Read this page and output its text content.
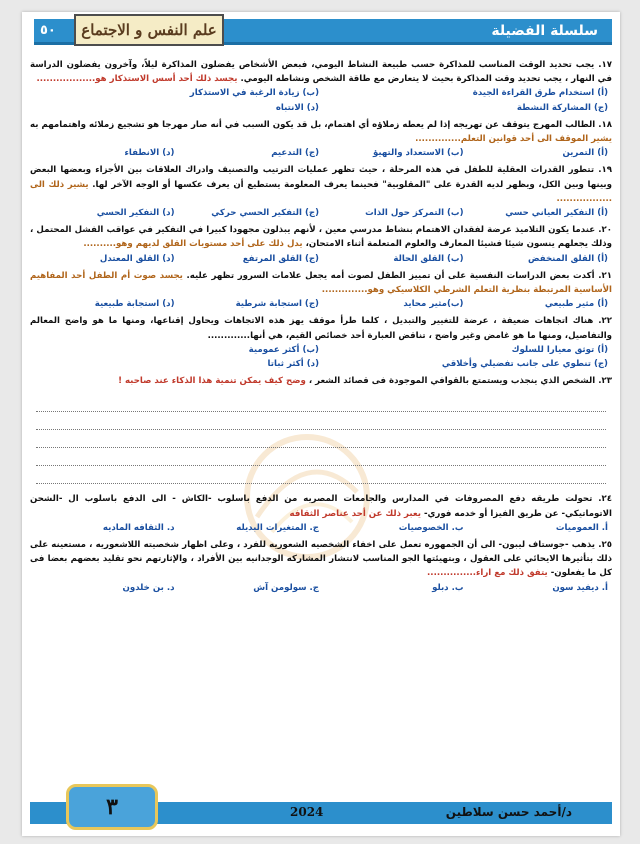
سلسلة الفضيلة
٥٠	علم النفس و الاجتماع

١٧. يجب تحديد الوقت المناسب للمذاكرة حسب طبيعة النشاط اليومي، فبعض الأشخاص يفضلون المذاكرة ليلاً، وآخرون يفضلون الدراسة في النهار ، يجب تحديد وقت المذاكرة بحيث لا يتعارض مع طاقة الشخص ونشاطه اليومي. يجسد ذلك أحد أسس الاستذكار هو..................

(أ) استخدام طرق القراءة الجيدة
(ب) زيادة الرغبة في الاستذكار
(ج) المشاركة النشطة
(د) الانتباه

١٨. الطالب المهرج يتوقف عن تهريجه إذا لم يعطه زملاؤه أي اهتمام، بل قد يكون السبب في أنه صار مهرجا هو تشجيع زملائه واهتمامهم به يشير الموقف الى أحد قوانين التعلم..............

(أ) التمرين
(ب) الاستعداد والتهيؤ
(ج) التدعيم
(د) الانطفاء

١٩. تتطور القدرات العقلية للطفل في هذه المرحلة ، حيث تظهر عمليات الترتيب والتصنيف وادراك العلاقات بين الأجزاء وبعضها البعض وبينها وبين الكل، ويظهر لديه القدرة على "المقلوبية" فحينما يعرف المعلومة يستطيع أن يعرف عكسها أو الوجه الآخر لها. يشير ذلك الى .................

(أ) التفكير العياني حسي
(ب) التمركز حول الذات
(ج) التفكير الحسي حركي
(د) التفكير الحسي

٢٠. عندما يكون التلاميذ عرضة لفقدان الاهتمام بنشاط مدرسي معين ، لأنهم يبذلون مجهودا كبيرا في التفكير في عواقب الفشل المحتمل ، وذلك يجعلهم ينسون شيئا فشيئا المعارف والعلوم المتعلمة أثناء الامتحان، يدل ذلك على أحد مستويات القلق لديهم وهو..........

(أ) القلق المنخفض
(ب) القلق الحالة
(ج) القلق المرتفع
(د) القلق المعتدل

٢١. أكدت بعض الدراسات النفسية على أن تمييز الطفل لصوت أمه يجعل علامات السرور تظهر عليه. يجسد صوت أم الطفل أحد المفاهيم الأساسية المرتبطة بنظرية التعلم الشرطي الكلاسيكي وهو..............

(أ) مثير طبيعي
(ب)مثير محايد
(ج) استجابة شرطية
(د) استجابة طبيعية

٢٢. هناك اتجاهات ضعيفة ، عرضة للتغيير والتبديل ، كلما طرأ موقف يهز هذه الاتجاهات ويحاول إقناعها، ومنها ما هو واضح المعالم والتفاصيل، ومنها ما هو غامض وغير واضح ، تناقض العبارة أحد خصائص القيم، هي أنها.............

(أ) توثق معيارا للسلوك
(ب) أكثر عمومية
(ج) تنطوي على جانب تفضيلي وأخلاقي
(د) أكثر ثباتا

٢٣. الشخص الذي ينجذب ويستمتع بالقوافي الموجودة فى قصائد الشعر ، وضح كيف يمكن تنمية هذا الذكاء عند صاحبه !

٢٤. تحولت طريقه دفع المصروفات في المدارس والجامعات المصريه من الدفع باسلوب -الكاش - الى الدفع باسلوب ال -الشحن الاتوماتيكي- عن طريق الفيزا أو خدمه فوري- يعبر ذلك عن أحد عناصر الثقافه

أ. العموميات
ب. الخصوصيات
ج. المتغيرات البديله
د. الثقافه الماديه

٢٥. يذهب -جوستاف ليبون- الى أن الجمهوره تعمل على اخفاء الشخصيه الشعوريه للفرد ، وعلى اظهار شخصيته اللاشعوريه ، مستعينه على ذلك بتأثيرها الايحائي على العقول ، وبتهيئتها الجو المناسب لانتشار المشاركه الوجدانيه بين الأفراد ، والإثارتهم نحو تقليد بعضهم بعضا فى كل ما يفعلون- يتفق ذلك مع اراء...............

أ. ديفيد سون
ب. دبلو
ج. سولومن آش
د. بن خلدون
د/أحمد حسن سلاطين
2024
٣
